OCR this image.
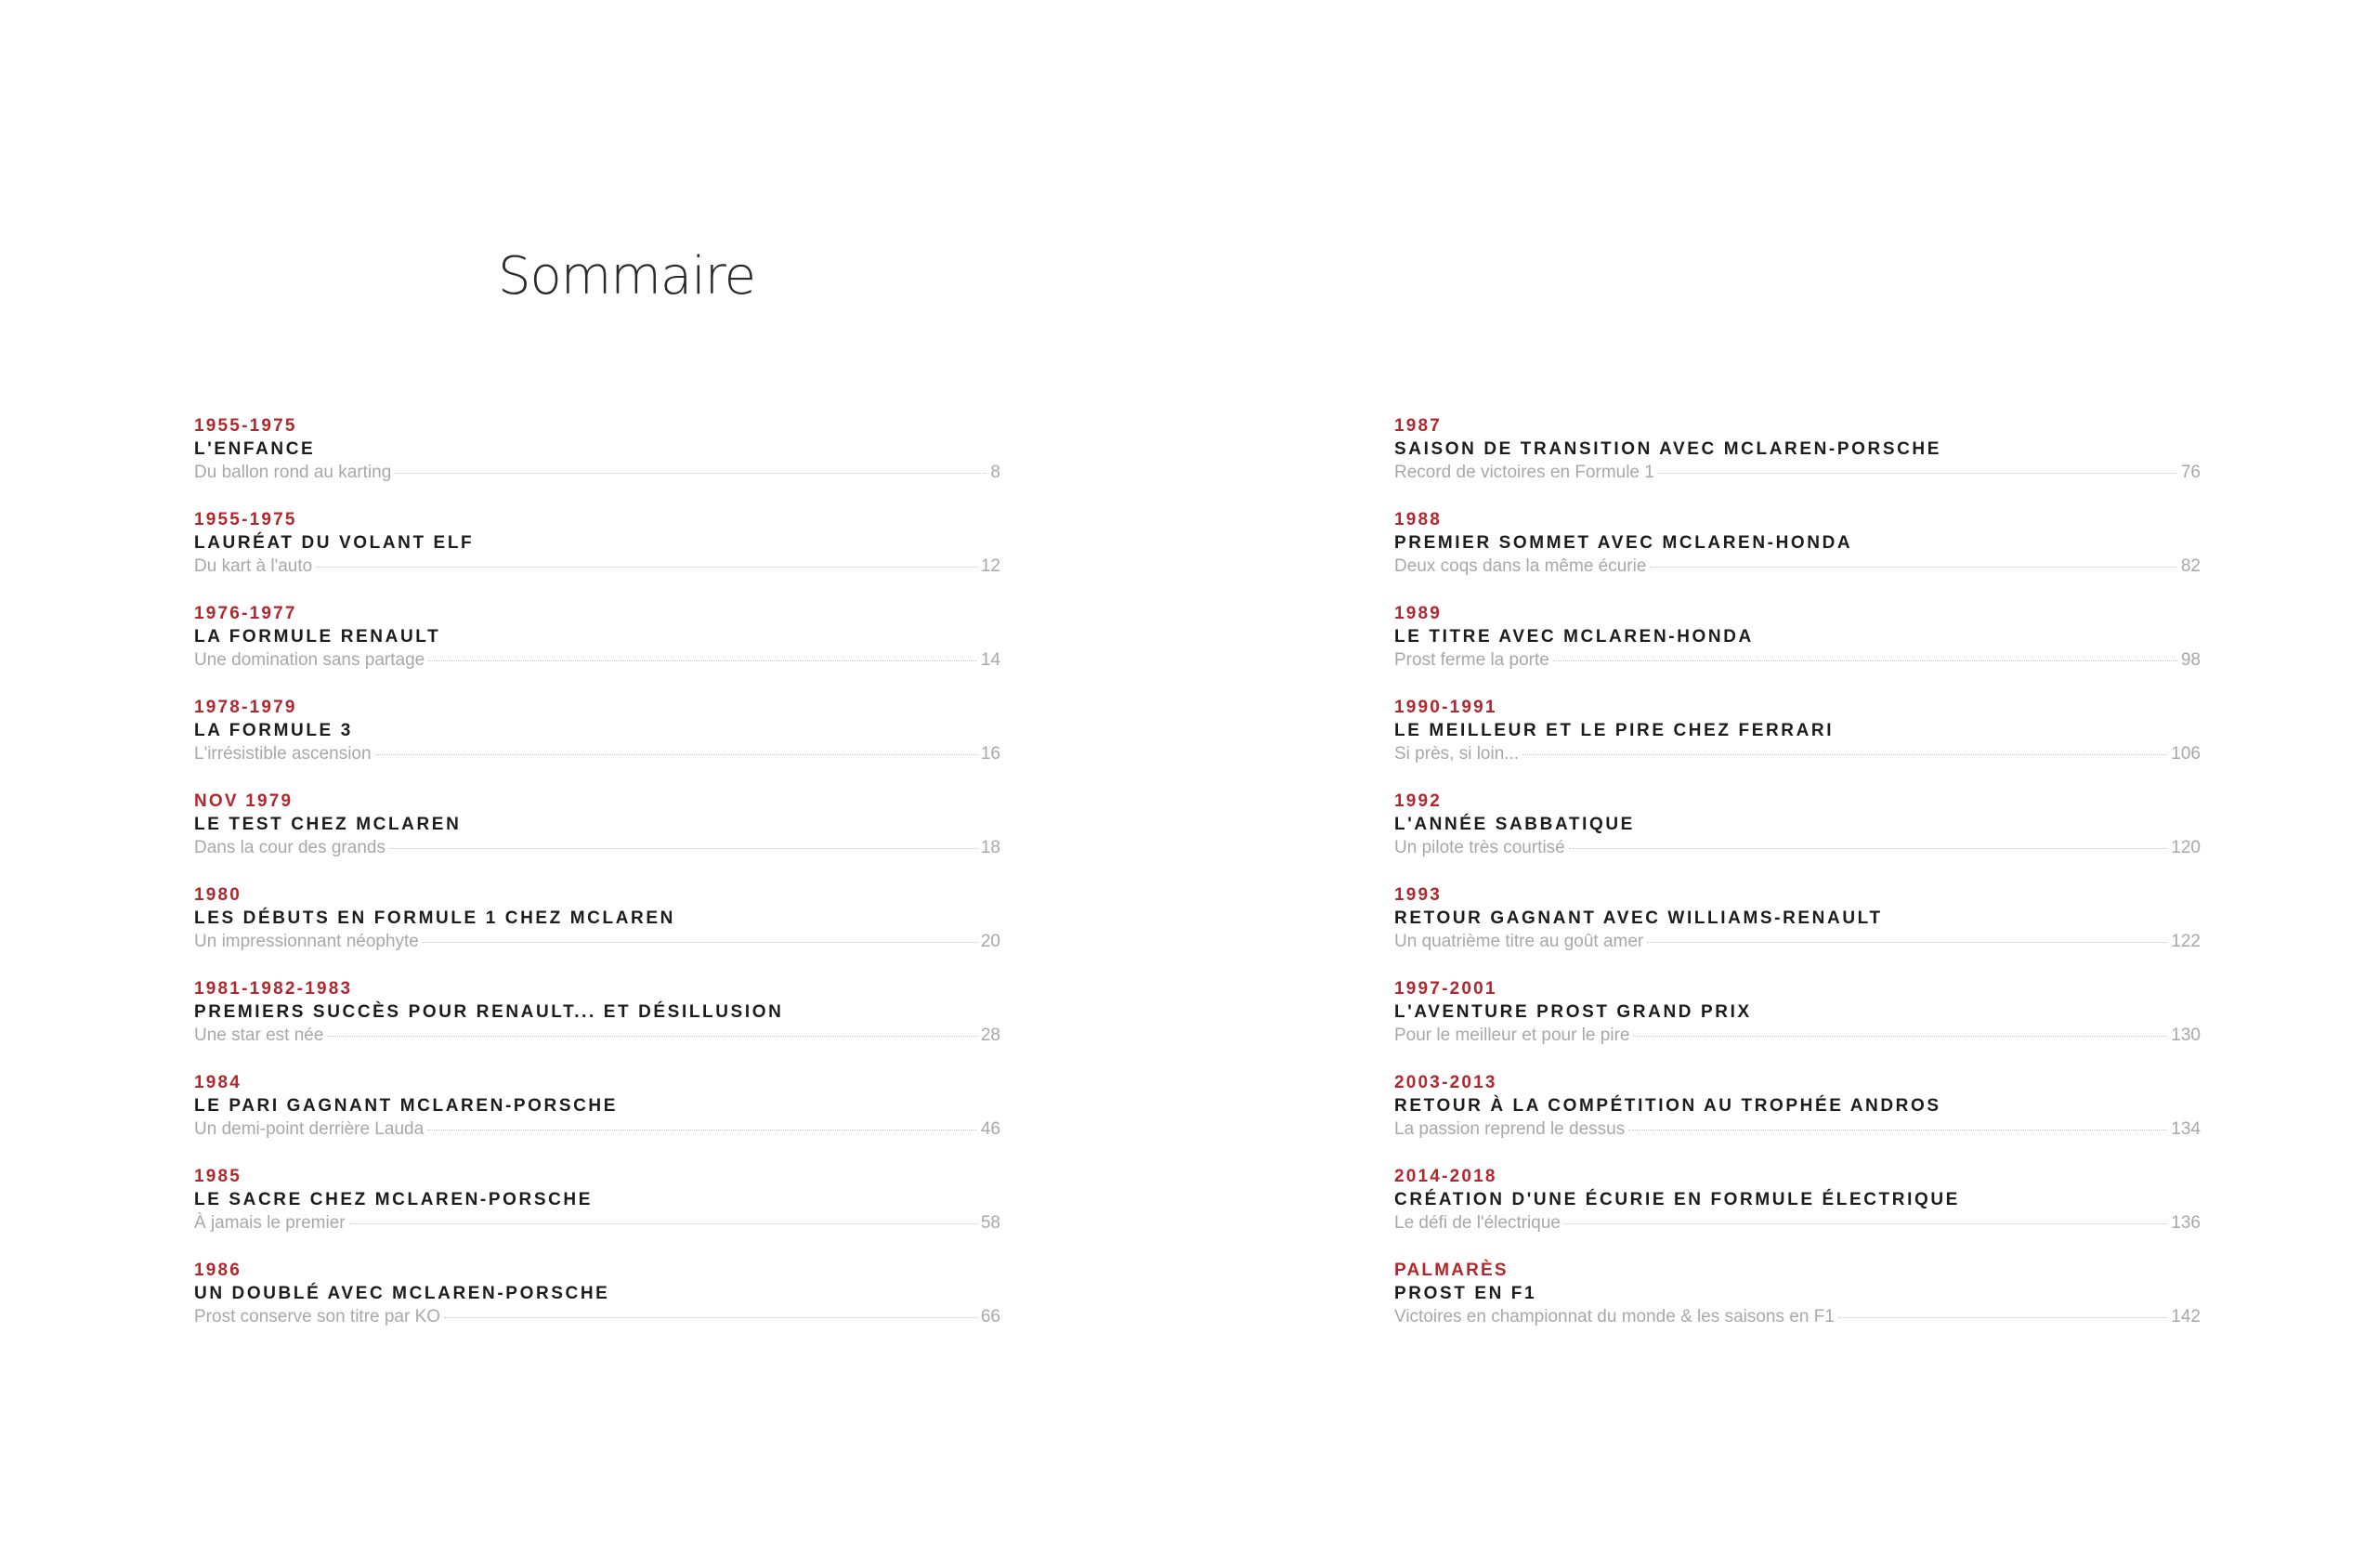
Sommaire
1955-1975
L'ENFANCE
Du ballon rond au karting	8
1955-1975
LAURÉAT DU VOLANT ELF
Du kart à l'auto	12
1976-1977
LA FORMULE RENAULT
Une domination sans partage	14
1978-1979
LA FORMULE 3
L'irrésistible ascension	16
NOV 1979
LE TEST CHEZ MCLAREN
Dans la cour des grands	18
1980
LES DÉBUTS EN FORMULE 1 CHEZ MCLAREN
Un impressionnant néophyte	20
1981-1982-1983
PREMIERS SUCCÈS POUR RENAULT... ET DÉSILLUSION
Une star est née	28
1984
LE PARI GAGNANT MCLAREN-PORSCHE
Un demi-point derrière Lauda	46
1985
LE SACRE CHEZ MCLAREN-PORSCHE
À jamais le premier	58
1986
UN DOUBLÉ AVEC MCLAREN-PORSCHE
Prost conserve son titre par KO	66
1987
SAISON DE TRANSITION AVEC MCLAREN-PORSCHE
Record de victoires en Formule 1	76
1988
PREMIER SOMMET AVEC MCLAREN-HONDA
Deux coqs dans la même écurie	82
1989
LE TITRE AVEC MCLAREN-HONDA
Prost ferme la porte	98
1990-1991
LE MEILLEUR ET LE PIRE CHEZ FERRARI
Si près, si loin...	106
1992
L'ANNÉE SABBATIQUE
Un pilote très courtisé	120
1993
RETOUR GAGNANT AVEC WILLIAMS-RENAULT
Un quatrième titre au goût amer	122
1997-2001
L'AVENTURE PROST GRAND PRIX
Pour le meilleur et pour le pire	130
2003-2013
RETOUR À LA COMPÉTITION AU TROPHÉE ANDROS
La passion reprend le dessus	134
2014-2018
CRÉATION D'UNE ÉCURIE EN FORMULE ÉLECTRIQUE
Le défi de l'électrique	136
PALMARÈS
PROST EN F1
Victoires en championnat du monde & les saisons en F1	142
